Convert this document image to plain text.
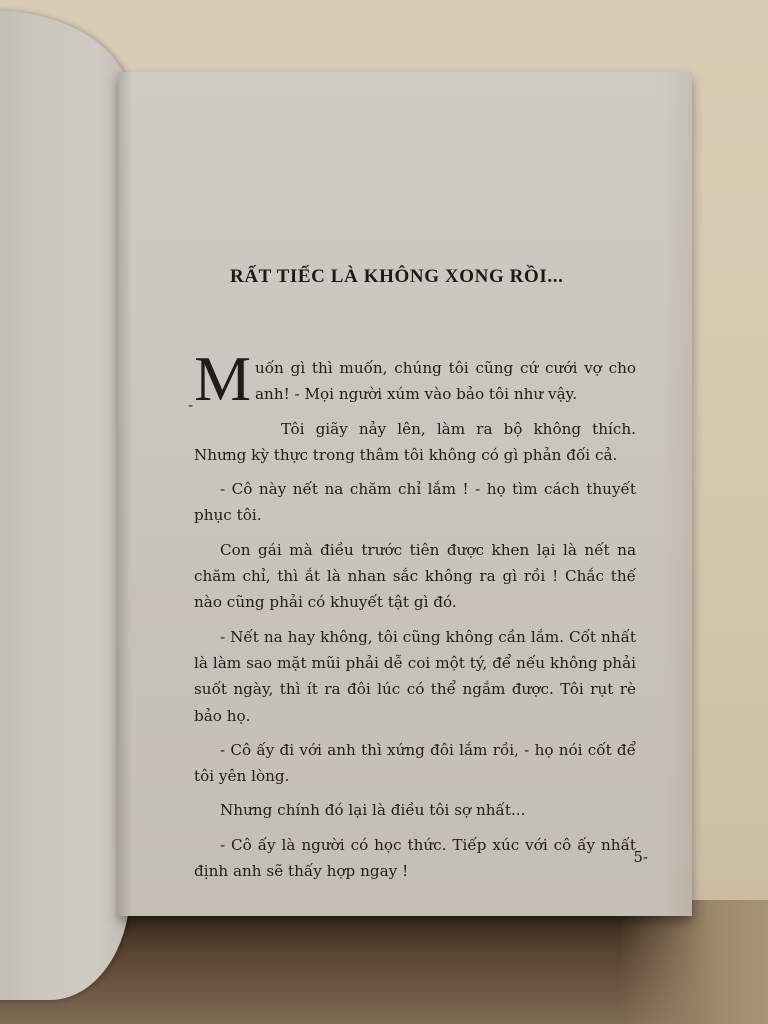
RẤT TIẾC LÀ KHÔNG XONG RỒI...

-M uốn gì thì muốn, chúng tôi cũng cứ cưới vợ cho anh! - Mọi người xúm vào bảo tôi như vậy.

Tôi giãy nảy lên, làm ra bộ không thích. Nhưng kỳ thực trong thâm tôi không có gì phản đối cả.

- Cô này nết na chăm chỉ lắm ! - họ tìm cách thuyết phục tôi.

Con gái mà điều trước tiên được khen lại là nết na chăm chỉ, thì ắt là nhan sắc không ra gì rồi ! Chắc thế nào cũng phải có khuyết tật gì đó.

- Nết na hay không, tôi cũng không cần lắm. Cốt nhất là làm sao mặt mũi phải dễ coi một tý, để nếu không phải suốt ngày, thì ít ra đôi lúc có thể ngắm được. Tôi rụt rè bảo họ.

- Cô ấy đi với anh thì xứng đôi lắm rồi, - họ nói cốt để tôi yên lòng.

Nhưng chính đó lại là điều tôi sợ nhất...

- Cô ấy là người có học thức. Tiếp xúc với cô ấy nhất định anh sẽ thấy hợp ngay !

5-
